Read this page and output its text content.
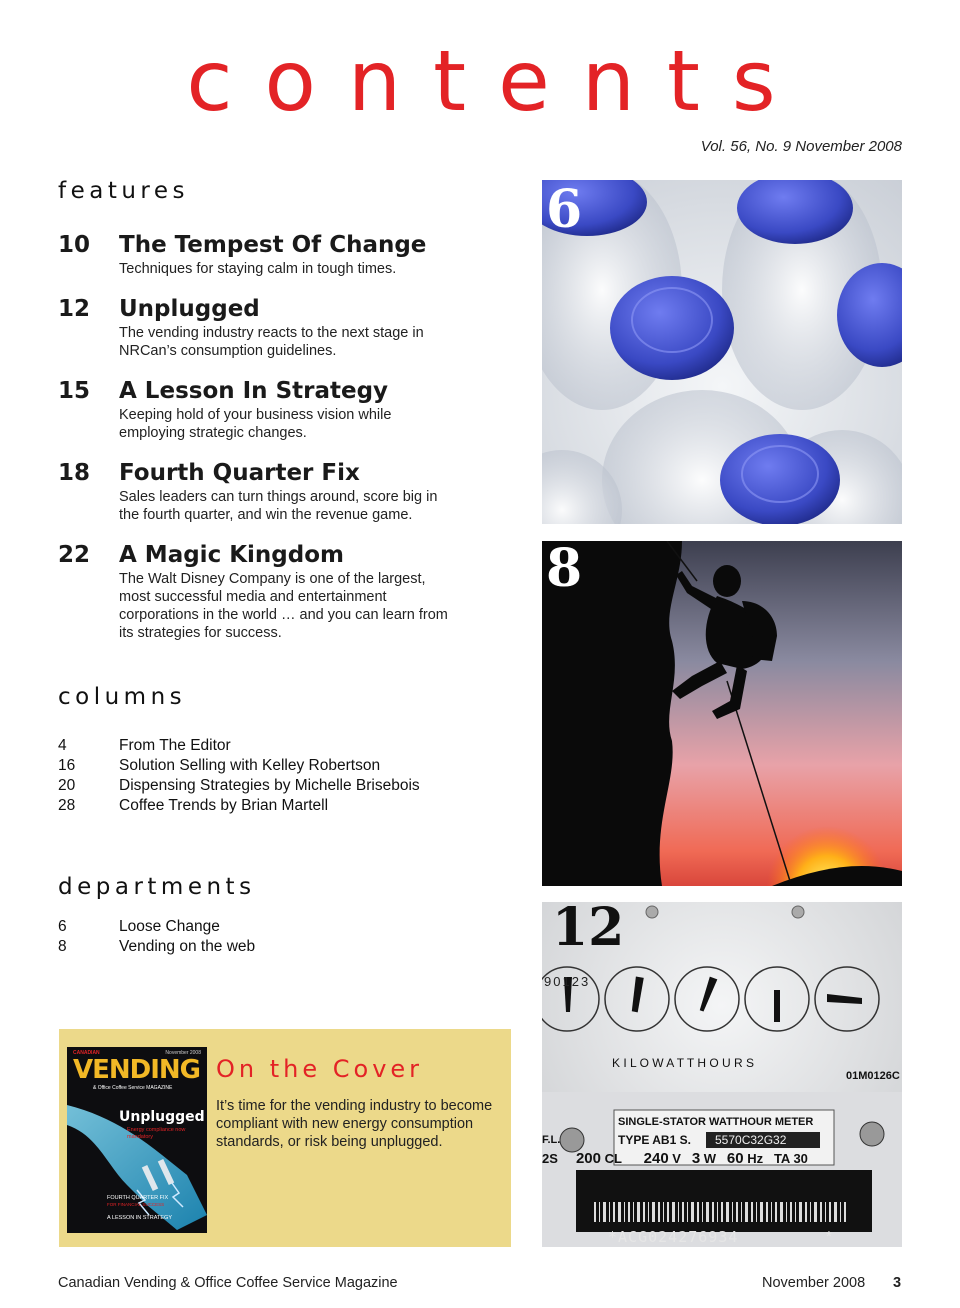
contents
Vol. 56, No. 9 November 2008
features
10 The Tempest Of Change
Techniques for staying calm in tough times.
12 Unplugged
The vending industry reacts to the next stage in NRCan’s consumption guidelines.
15 A Lesson In Strategy
Keeping hold of your business vision while employing strategic changes.
18 Fourth Quarter Fix
Sales leaders can turn things around, score big in the fourth quarter, and win the revenue game.
22 A Magic Kingdom
The Walt Disney Company is one of the largest, most successful media and entertainment corporations in the world … and you can learn from its strategies for success.
columns
4	From The Editor
16	Solution Selling with Kelley Robertson
20	Dispensing Strategies by Michelle Brisebois
28	Coffee Trends by Brian Martell
departments
6	Loose Change
8	Vending on the web
CANADIAN	November 2008
VENDING
& Office Coffee Service MAGAZINE
Unplugged
Energy compliance now mandatory
FOURTH QUARTER FIX
FOR FINANCIAL SUCCESS
A LESSON IN STRATEGY
On the Cover
It’s time for the vending industry to become compliant with new energy consumption standards, or risk being unplugged.
6
8
12
90123
K I L O W A T T H O U R S
01M0126C
SINGLE-STATOR WATTHOUR METER
TYPE AB1 S. 5570C32G32
F.L.
2S 200 CL 240 V 3 W 60 Hz TA 30
*ACG024276934	*
Canadian Vending & Office Coffee Service Magazine	November 2008 3
